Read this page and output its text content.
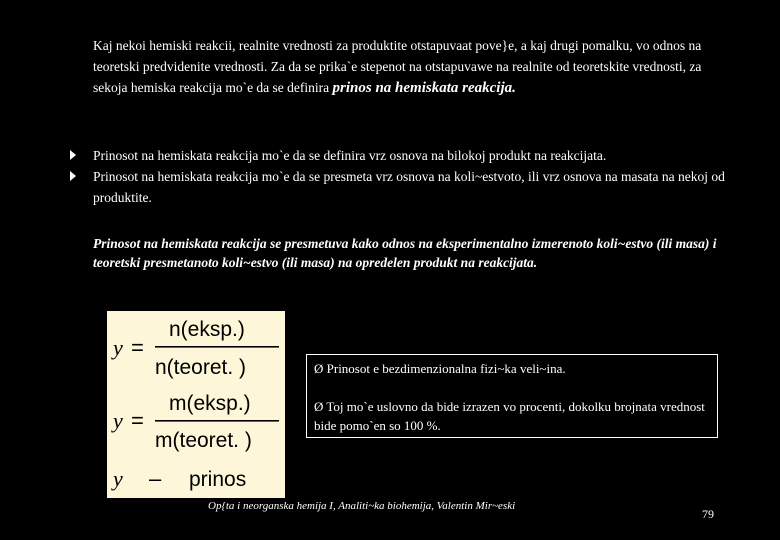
Kaj nekoi hemiski reakcii, realnite vrednosti za produktite otstapuvaat pove}e, a kaj drugi pomalku, vo odnos na teoretski predvidenite vrednosti. Za da se prika`e stepenot na otstapuvawe na realnite od teoretskite vrednosti, za sekoja hemiska reakcija mo`e da se definira prinos na hemiskata reakcija.
Prinosot na hemiskata reakcija mo`e da se definira vrz osnova na bilokoj produkt na reakcijata.
Prinosot na hemiskata reakcija mo`e da se presmeta vrz osnova na koli~estvoto, ili vrz osnova na masata na nekoj od produktite.
Prinosot na hemiskata reakcija se presmetuva kako odnos na eksperimentalno izmerenoto koli~estvo (ili masa) i teoretski presmetanoto koli~estvo (ili masa) na opredelen produkt na reakcijata.
y =
n(eksp.)
n(teoret. )
y =
m(eksp.)
m(teoret. )
y – prinos
Ø Prinosot e bezdimenzionalna fizi~ka veli~ina.
Ø Toj mo`e uslovno da bide izrazen vo procenti, dokolku brojnata vrednost bide pomo`en so 100 %.
Op{ta i neorganska hemija I, Analiti~ka biohemija, Valentin Mir~eski
79
